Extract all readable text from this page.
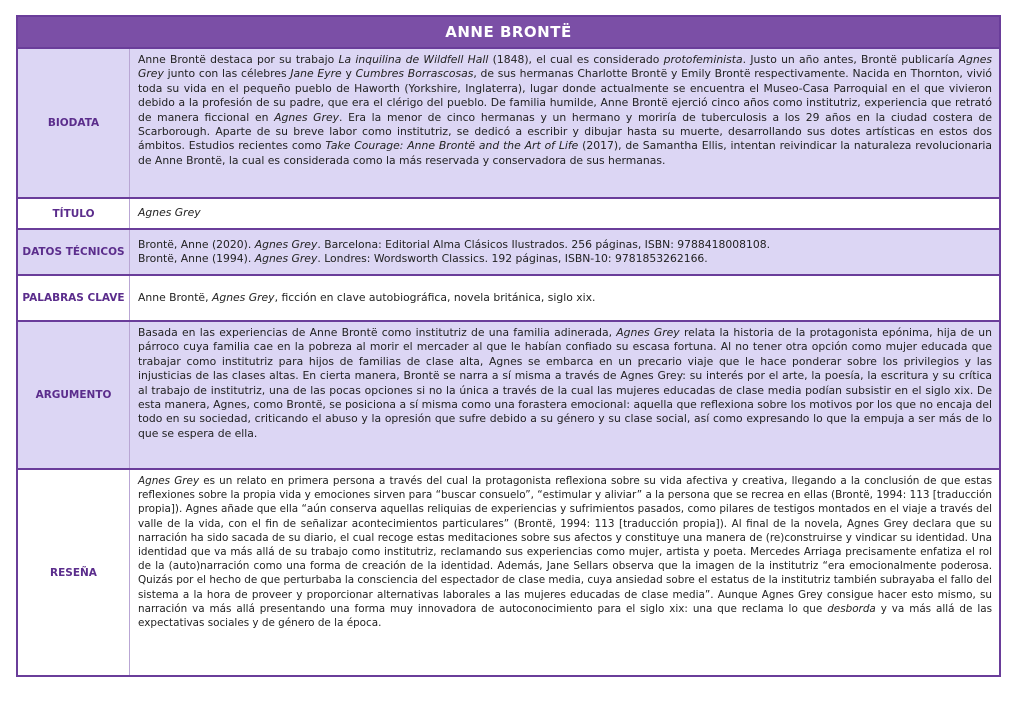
ANNE BRONTË
BIODATA
Anne Brontë destaca por su trabajo La inquilina de Wildfell Hall (1848), el cual es considerado protofeminista. Justo un año antes, Brontë publicaría Agnes Grey junto con las célebres Jane Eyre y Cumbres Borrascosas, de sus hermanas Charlotte Brontë y Emily Brontë respectivamente. Nacida en Thornton, vivió toda su vida en el pequeño pueblo de Haworth (Yorkshire, Inglaterra), lugar donde actualmente se encuentra el Museo-Casa Parroquial en el que vivieron debido a la profesión de su padre, que era el clérigo del pueblo. De familia humilde, Anne Brontë ejerció cinco años como institutriz, experiencia que retrató de manera ficcional en Agnes Grey. Era la menor de cinco hermanas y un hermano y moriría de tuberculosis a los 29 años en la ciudad costera de Scarborough. Aparte de su breve labor como institutriz, se dedicó a escribir y dibujar hasta su muerte, desarrollando sus dotes artísticas en estos dos ámbitos. Estudios recientes como Take Courage: Anne Brontë and the Art of Life (2017), de Samantha Ellis, intentan reivindicar la naturaleza revolucionaria de Anne Brontë, la cual es considerada como la más reservada y conservadora de sus hermanas.
TÍTULO	Agnes Grey
DATOS TÉCNICOS
Brontë, Anne (2020). Agnes Grey. Barcelona: Editorial Alma Clásicos Ilustrados. 256 páginas, ISBN: 9788418008108.
Brontë, Anne (1994). Agnes Grey. Londres: Wordsworth Classics. 192 páginas, ISBN-10: 9781853262166.
PALABRAS CLAVE	Anne Brontë, Agnes Grey, ficción en clave autobiográfica, novela británica, siglo xix.
ARGUMENTO
Basada en las experiencias de Anne Brontë como institutriz de una familia adinerada, Agnes Grey relata la historia de la protagonista epónima, hija de un párroco cuya familia cae en la pobreza al morir el mercader al que le habían confiado su escasa fortuna. Al no tener otra opción como mujer educada que trabajar como institutriz para hijos de familias de clase alta, Agnes se embarca en un precario viaje que le hace ponderar sobre los privilegios y las injusticias de las clases altas. En cierta manera, Brontë se narra a sí misma a través de Agnes Grey: su interés por el arte, la poesía, la escritura y su crítica al trabajo de institutriz, una de las pocas opciones si no la única a través de la cual las mujeres educadas de clase media podían subsistir en el siglo xix. De esta manera, Agnes, como Brontë, se posiciona a sí misma como una forastera emocional: aquella que reflexiona sobre los motivos por los que no encaja del todo en su sociedad, criticando el abuso y la opresión que sufre debido a su género y su clase social, así como expresando lo que la empuja a ser más de lo que se espera de ella.
RESEÑA
Agnes Grey es un relato en primera persona a través del cual la protagonista reflexiona sobre su vida afectiva y creativa, llegando a la conclusión de que estas reflexiones sobre la propia vida y emociones sirven para “buscar consuelo”, “estimular y aliviar” a la persona que se recrea en ellas (Brontë, 1994: 113 [traducción propia]). Agnes añade que ella “aún conserva aquellas reliquias de experiencias y sufrimientos pasados, como pilares de testigos montados en el viaje a través del valle de la vida, con el fin de señalizar acontecimientos particulares” (Brontë, 1994: 113 [traducción propia]). Al final de la novela, Agnes Grey declara que su narración ha sido sacada de su diario, el cual recoge estas meditaciones sobre sus afectos y constituye una manera de (re)construirse y vindicar su identidad. Una identidad que va más allá de su trabajo como institutriz, reclamando sus experiencias como mujer, artista y poeta. Mercedes Arriaga precisamente enfatiza el rol de la (auto)narración como una forma de creación de la identidad. Además, Jane Sellars observa que la imagen de la institutriz “era emocionalmente poderosa. Quizás por el hecho de que perturbaba la consciencia del espectador de clase media, cuya ansiedad sobre el estatus de la institutriz también subrayaba el fallo del sistema a la hora de proveer y proporcionar alternativas laborales a las mujeres educadas de clase media”. Aunque Agnes Grey consigue hacer esto mismo, su narración va más allá presentando una forma muy innovadora de autoconocimiento para el siglo xix: una que reclama lo que desborda y va más allá de las expectativas sociales y de género de la época.
